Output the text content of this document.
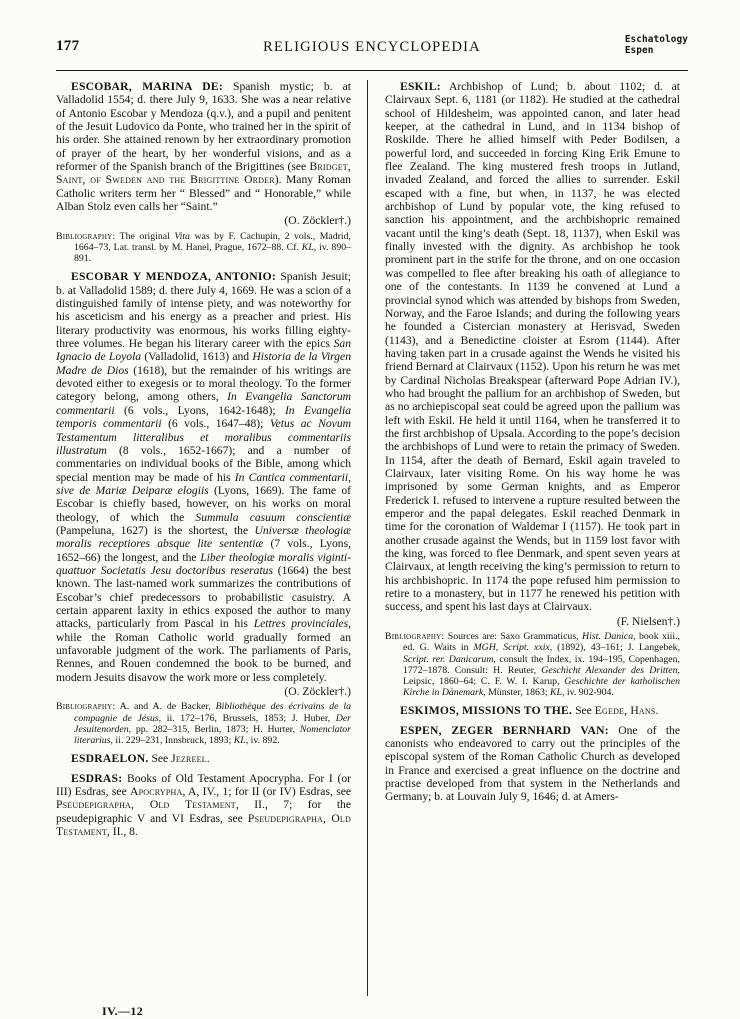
177	RELIGIOUS ENCYCLOPEDIA	Eschatology
Espen

ESCOBAR, MARINA DE: Spanish mystic; b. at Valladolid 1554; d. there July 9, 1633. She was a near relative of Antonio Escobar y Mendoza (q.v.), and a pupil and penitent of the Jesuit Ludovico da Ponte, who trained her in the spirit of his order. She attained renown by her extraordinary promotion of prayer of the heart, by her wonderful visions, and as a reformer of the Spanish branch of the Brigittines (see Bridget, Saint, of Sweden and the Brigittine Order). Many Roman Catholic writers term her “ Blessed” and “ Honorable,” while Alban Stolz even calls her “Saint.”

(O. Zöckler†.)

Bibliography: The original Vita was by F. Cachupin, 2 vols., Madrid, 1664–73, Lat. transl. by M. Hanel, Prague, 1672–88. Cf. KL, iv. 890–891.

ESCOBAR Y MENDOZA, ANTONIO: Spanish Jesuit; b. at Valladolid 1589; d. there July 4, 1669. He was a scion of a distinguished family of intense piety, and was noteworthy for his asceticism and his energy as a preacher and priest. His literary productivity was enormous, his works filling eighty-three volumes. He began his literary career with the epics San Ignacio de Loyola (Valladolid, 1613) and Historia de la Virgen Madre de Dios (1618), but the remainder of his writings are devoted either to exegesis or to moral theology. To the former category belong, among others, In Evangelia Sanctorum commentarii (6 vols., Lyons, 1642-1648); In Evangelia temporis commentarii (6 vols., 1647–48); Vetus ac Novum Testamentum litteralibus et moralibus commentariis illustratum (8 vols., 1652-1667); and a number of commentaries on individual books of the Bible, among which special mention may be made of his In Cantica commentarii, sive de Mariæ Deiparæ elogiis (Lyons, 1669). The fame of Escobar is chiefly based, however, on his works on moral theology, of which the Summula casuum conscientiæ (Pampeluna, 1627) is the shortest, the Universæ theologiæ moralis receptiores absque lite sententiæ (7 vols., Lyons, 1652–66) the longest, and the Liber theologiæ moralis viginti-quattuor Societatis Jesu doctoribus reseratus (1664) the best known. The last-named work summarizes the contributions of Escobar’s chief predecessors to probabilistic casuistry. A certain apparent laxity in ethics exposed the author to many attacks, particularly from Pascal in his Lettres provinciales, while the Roman Catholic world gradually formed an unfavorable judgment of the work. The parliaments of Paris, Rennes, and Rouen condemned the book to be burned, and modern Jesuits disavow the work more or less completely.

(O. Zöckler†.)

Bibliography: A. and A. de Backer, Bibliothèque des écrivains de la compagnie de Jésus, ii. 172–176, Brussels, 1853; J. Huber, Der Jesuitenorden, pp. 282–315, Berlin, 1873; H. Hurter, Nomenclator literarius, ii. 229–231, Innsbruck, 1893; KL, iv. 892.

ESDRAELON. See Jezreel.

ESDRAS: Books of Old Testament Apocrypha. For I (or III) Esdras, see Apocrypha, A, IV., 1; for II (or IV) Esdras, see Pseudepigrapha, Old Testament, II., 7; for the pseudepigraphic V and VI Esdras, see Pseudepigrapha, Old Testament, II., 8.

ESKIL: Archbishop of Lund; b. about 1102; d. at Clairvaux Sept. 6, 1181 (or 1182). He studied at the cathedral school of Hildesheim, was appointed canon, and later head keeper, at the cathedral in Lund, and in 1134 bishop of Roskilde. There he allied himself with Peder Bodilsen, a powerful lord, and succeeded in forcing King Erik Emune to flee Zealand. The king mustered fresh troops in Jutland, invaded Zealand, and forced the allies to surrender. Eskil escaped with a fine, but when, in 1137, he was elected archbishop of Lund by popular vote, the king refused to sanction his appointment, and the archbishopric remained vacant until the king’s death (Sept. 18, 1137), when Eskil was finally invested with the dignity. As archbishop he took prominent part in the strife for the throne, and on one occasion was compelled to flee after breaking his oath of allegiance to one of the contestants. In 1139 he convened at Lund a provincial synod which was attended by bishops from Sweden, Norway, and the Faroe Islands; and during the following years he founded a Cistercian monastery at Herisvad, Sweden (1143), and a Benedictine cloister at Esrom (1144). After having taken part in a crusade against the Wends he visited his friend Bernard at Clairvaux (1152). Upon his return he was met by Cardinal Nicholas Breakspear (afterward Pope Adrian IV.), who had brought the pallium for an archbishop of Sweden, but as no archiepiscopal seat could be agreed upon the pallium was left with Eskil. He held it until 1164, when he transferred it to the first archbishop of Upsala. According to the pope’s decision the archbishops of Lund were to retain the primacy of Sweden. In 1154, after the death of Bernard, Eskil again traveled to Clairvaux, later visiting Rome. On his way home he was imprisoned by some German knights, and as Emperor Frederick I. refused to intervene a rupture resulted between the emperor and the papal delegates. Eskil reached Denmark in time for the coronation of Waldemar I (1157). He took part in another crusade against the Wends, but in 1159 lost favor with the king, was forced to flee Denmark, and spent seven years at Clairvaux, at length receiving the king’s permission to return to his archbishopric. In 1174 the pope refused him permission to retire to a monastery, but in 1177 he renewed his petition with success, and spent his last days at Clairvaux.

(F. Nielsen†.)

Bibliography: Sources are: Saxo Grammaticus, Hist. Danica, book xiii., ed. G. Waits in MGH, Script. xxix, (1892), 43–161; J. Langebek, Script. rer. Danicarum, consult the Index, ix. 194–195, Copenhagen, 1772–1878. Consult: H. Reuter, Geschicht Alexander des Dritten, Leipsic, 1860–64; C. F. W. I. Karup, Geschichte der katholischen Kirche in Dänemark, Münster, 1863; KL, iv. 902-904.

ESKIMOS, MISSIONS TO THE. See Egede, Hans.

ESPEN, ZEGER BERNHARD VAN: One of the canonists who endeavored to carry out the principles of the episcopal system of the Roman Catholic Church as developed in France and exercised a great influence on the doctrine and practise developed from that system in the Netherlands and Germany; b. at Louvain July 9, 1646; d. at Amers-

IV.—12
